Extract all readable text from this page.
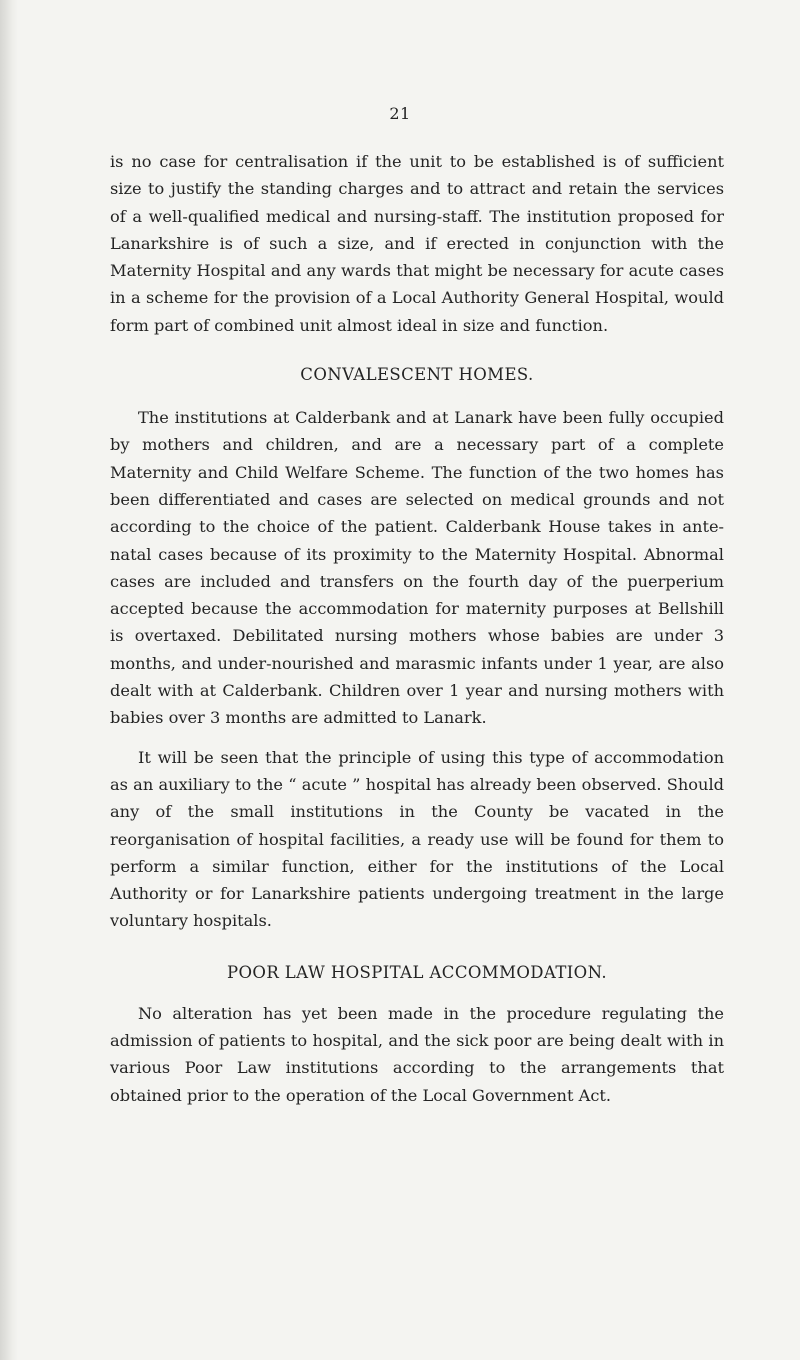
21

is no case for centralisation if the unit to be established is of sufficient size to justify the standing charges and to attract and retain the services of a well-qualified medical and nursing-staff. The institution proposed for Lanarkshire is of such a size, and if erected in conjunction with the Maternity Hospital and any wards that might be necessary for acute cases in a scheme for the provision of a Local Authority General Hospital, would form part of combined unit almost ideal in size and function.

CONVALESCENT HOMES.

The institutions at Calderbank and at Lanark have been fully occupied by mothers and children, and are a necessary part of a complete Maternity and Child Welfare Scheme. The function of the two homes has been differentiated and cases are selected on medical grounds and not according to the choice of the patient. Calderbank House takes in ante-natal cases because of its proximity to the Maternity Hospital. Abnormal cases are included and transfers on the fourth day of the puerperium accepted because the accommodation for maternity purposes at Bellshill is overtaxed. Debilitated nursing mothers whose babies are under 3 months, and under-nourished and marasmic infants under 1 year, are also dealt with at Calderbank. Children over 1 year and nursing mothers with babies over 3 months are admitted to Lanark.

It will be seen that the principle of using this type of accommodation as an auxiliary to the “ acute ” hospital has already been observed. Should any of the small institutions in the County be vacated in the reorganisation of hospital facilities, a ready use will be found for them to perform a similar function, either for the institutions of the Local Authority or for Lanarkshire patients undergoing treatment in the large voluntary hospitals.

POOR LAW HOSPITAL ACCOMMODATION.

No alteration has yet been made in the procedure regulating the admission of patients to hospital, and the sick poor are being dealt with in various Poor Law institutions according to the arrangements that obtained prior to the operation of the Local Government Act.
